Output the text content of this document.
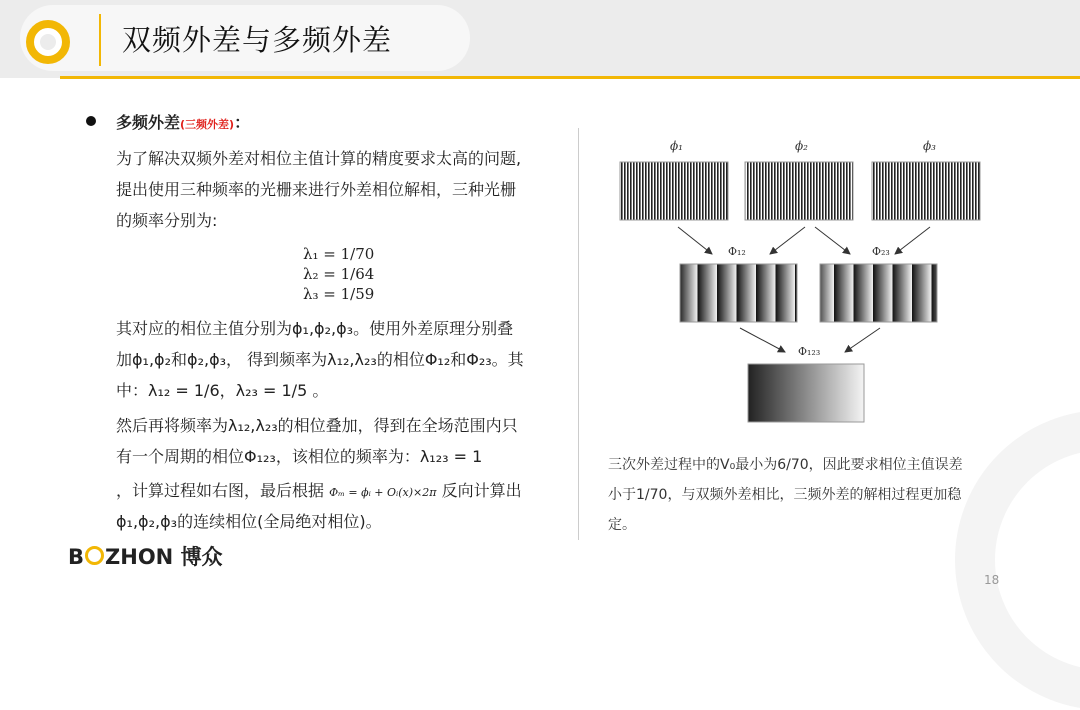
双频外差与多频外差
多频外差(三频外差)：
为了解决双频外差对相位主值计算的精度要求太高的问题,
提出使用三种频率的光栅来进行外差相位解相，三种光栅
的频率分别为:
λ₁ = 1/70
λ₂ = 1/64
λ₃ = 1/59
其对应的相位主值分别为ϕ₁,ϕ₂,ϕ₃。使用外差原理分别叠
加ϕ₁,ϕ₂和ϕ₂,ϕ₃， 得到频率为λ₁₂,λ₂₃的相位Φ₁₂和Φ₂₃。其
中：λ₁₂ = 1/6，λ₂₃ = 1/5 。
然后再将频率为λ₁₂,λ₂₃的相位叠加，得到在全场范围内只
有一个周期的相位Φ₁₂₃，该相位的频率为：λ₁₂₃ = 1
，计算过程如右图，最后根据 Φₘ = ϕᵢ + Oᵢ(x)×2π 反向计算出
ϕ₁,ϕ₂,ϕ₃的连续相位(全局绝对相位)。
ϕ₁	ϕ₂	ϕ₃
Φ₁₂	Φ₂₃
Φ₁₂₃
三次外差过程中的V₀最小为6/70，因此要求相位主值误差
小于1/70，与双频外差相比，三频外差的解相过程更加稳
定。
B ZHON 博众
18
